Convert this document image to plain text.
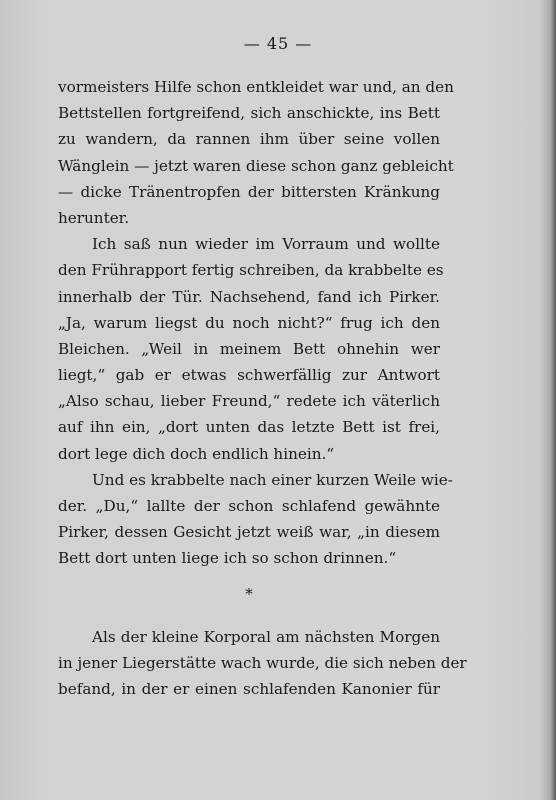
— 45 —
vormeisters Hilfe schon entkleidet war und, an den
Bettstellen fortgreifend, sich anschickte, ins Bett
zu wandern, da rannen ihm über seine vollen
Wänglein — jetzt waren diese schon ganz gebleicht
— dicke Tränentropfen der bittersten Kränkung
herunter.
Ich saß nun wieder im Vorraum und wollte
den Frührapport fertig schreiben, da krabbelte es
innerhalb der Tür. Nachsehend, fand ich Pirker.
„Ja, warum liegst du noch nicht?“ frug ich den
Bleichen. „Weil in meinem Bett ohnehin wer
liegt,“ gab er etwas schwerfällig zur Antwort
„Also schau, lieber Freund,“ redete ich väterlich
auf ihn ein, „dort unten das letzte Bett ist frei,
dort lege dich doch endlich hinein.“
Und es krabbelte nach einer kurzen Weile wie-
der. „Du,“ lallte der schon schlafend gewähnte
Pirker, dessen Gesicht jetzt weiß war, „in diesem
Bett dort unten liege ich so schon drinnen.“
*
Als der kleine Korporal am nächsten Morgen
in jener Liegerstätte wach wurde, die sich neben der
befand, in der er einen schlafenden Kanonier für
